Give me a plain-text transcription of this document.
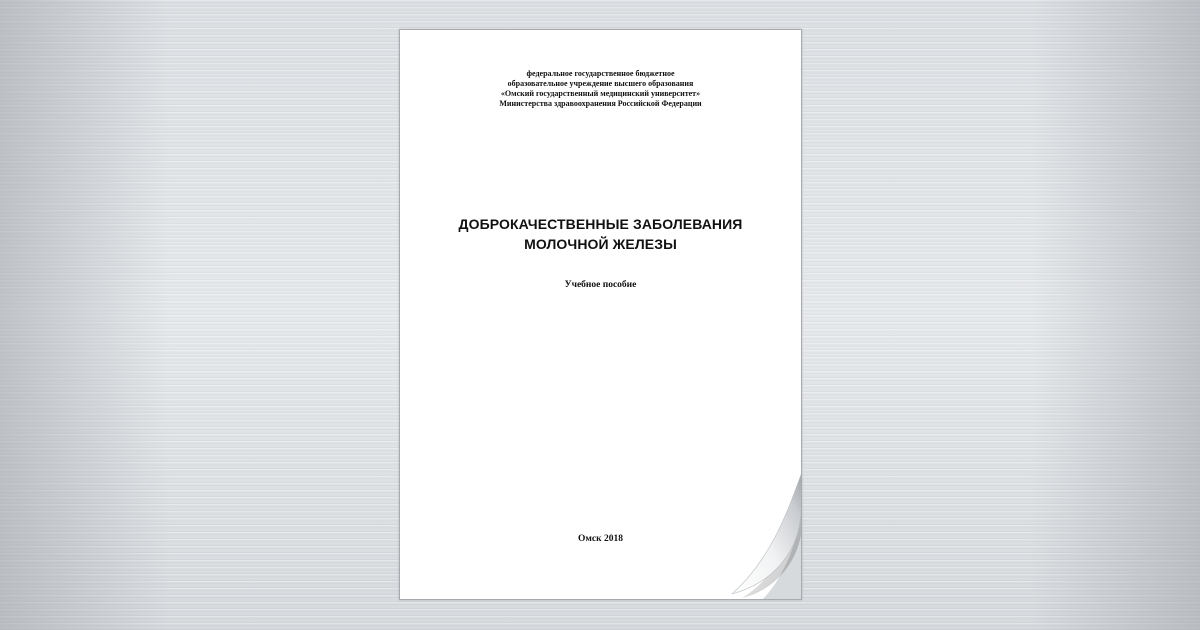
федеральное государственное бюджетное
образовательное учреждение высшего образования
«Омский государственный медицинский университет»
Министерства здравоохранения Российской Федерации
ДОБРОКАЧЕСТВЕННЫЕ ЗАБОЛЕВАНИЯ
МОЛОЧНОЙ ЖЕЛЕЗЫ
Учебное пособие
Омск 2018
